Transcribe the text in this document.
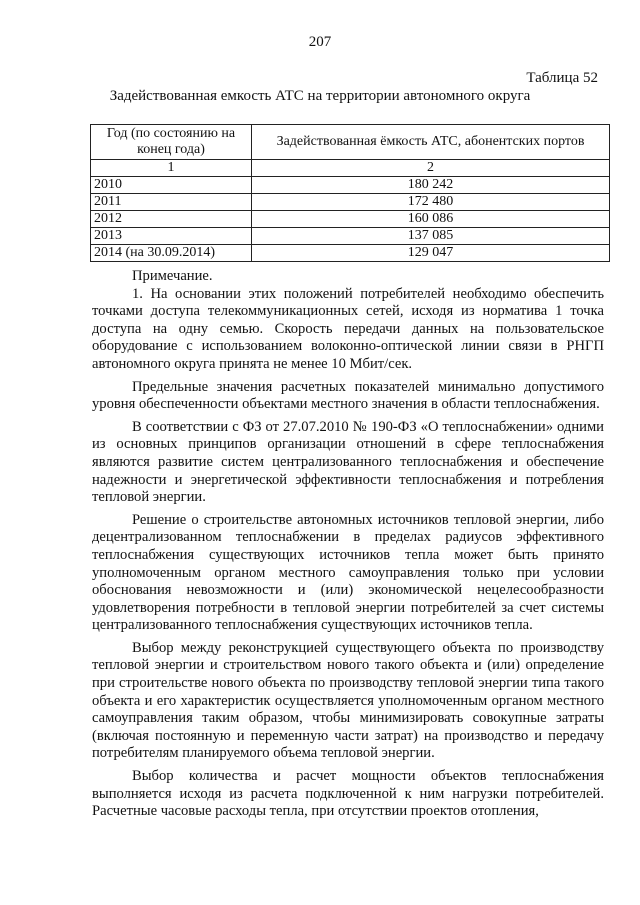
207
Таблица 52
Задействованная емкость АТС на территории автономного округа
Год (по состоянию на конец года)	Задействованная ёмкость АТС, абонентских портов
1	2
2010	180 242
2011	172 480
2012	160 086
2013	137 085
2014 (на 30.09.2014)	129 047

Примечание.

1. На основании этих положений потребителей необходимо обеспечить точками доступа телекоммуникационных сетей, исходя из норматива 1 точка доступа на одну семью. Скорость передачи данных на пользовательское оборудование с использованием волоконно-оптической линии связи в РНГП автономного округа принята не менее 10 Мбит/сек.

Предельные значения расчетных показателей минимально допустимого уровня обеспеченности объектами местного значения в области теплоснабжения.

В соответствии с ФЗ от 27.07.2010 № 190-ФЗ «О теплоснабжении» одними из основных принципов организации отношений в сфере теплоснабжения являются развитие систем централизованного теплоснабжения и обеспечение надежности и энергетической эффективности теплоснабжения и потребления тепловой энергии.

Решение о строительстве автономных источников тепловой энергии, либо децентрализованном теплоснабжении в пределах радиусов эффективного теплоснабжения существующих источников тепла может быть принято уполномоченным органом местного самоуправления только при условии обоснования невозможности и (или) экономической нецелесообразности удовлетворения потребности в тепловой энергии потребителей за счет системы централизованного теплоснабжения существующих источников тепла.

Выбор между реконструкцией существующего объекта по производству тепловой энергии и строительством нового такого объекта и (или) определение при строительстве нового объекта по производству тепловой энергии типа такого объекта и его характеристик осуществляется уполномоченным органом местного самоуправления таким образом, чтобы минимизировать совокупные затраты (включая постоянную и переменную части затрат) на производство и передачу потребителям планируемого объема тепловой энергии.

Выбор количества и расчет мощности объектов теплоснабжения выполняется исходя из расчета подключенной к ним нагрузки потребителей. Расчетные часовые расходы тепла, при отсутствии проектов отопления,
